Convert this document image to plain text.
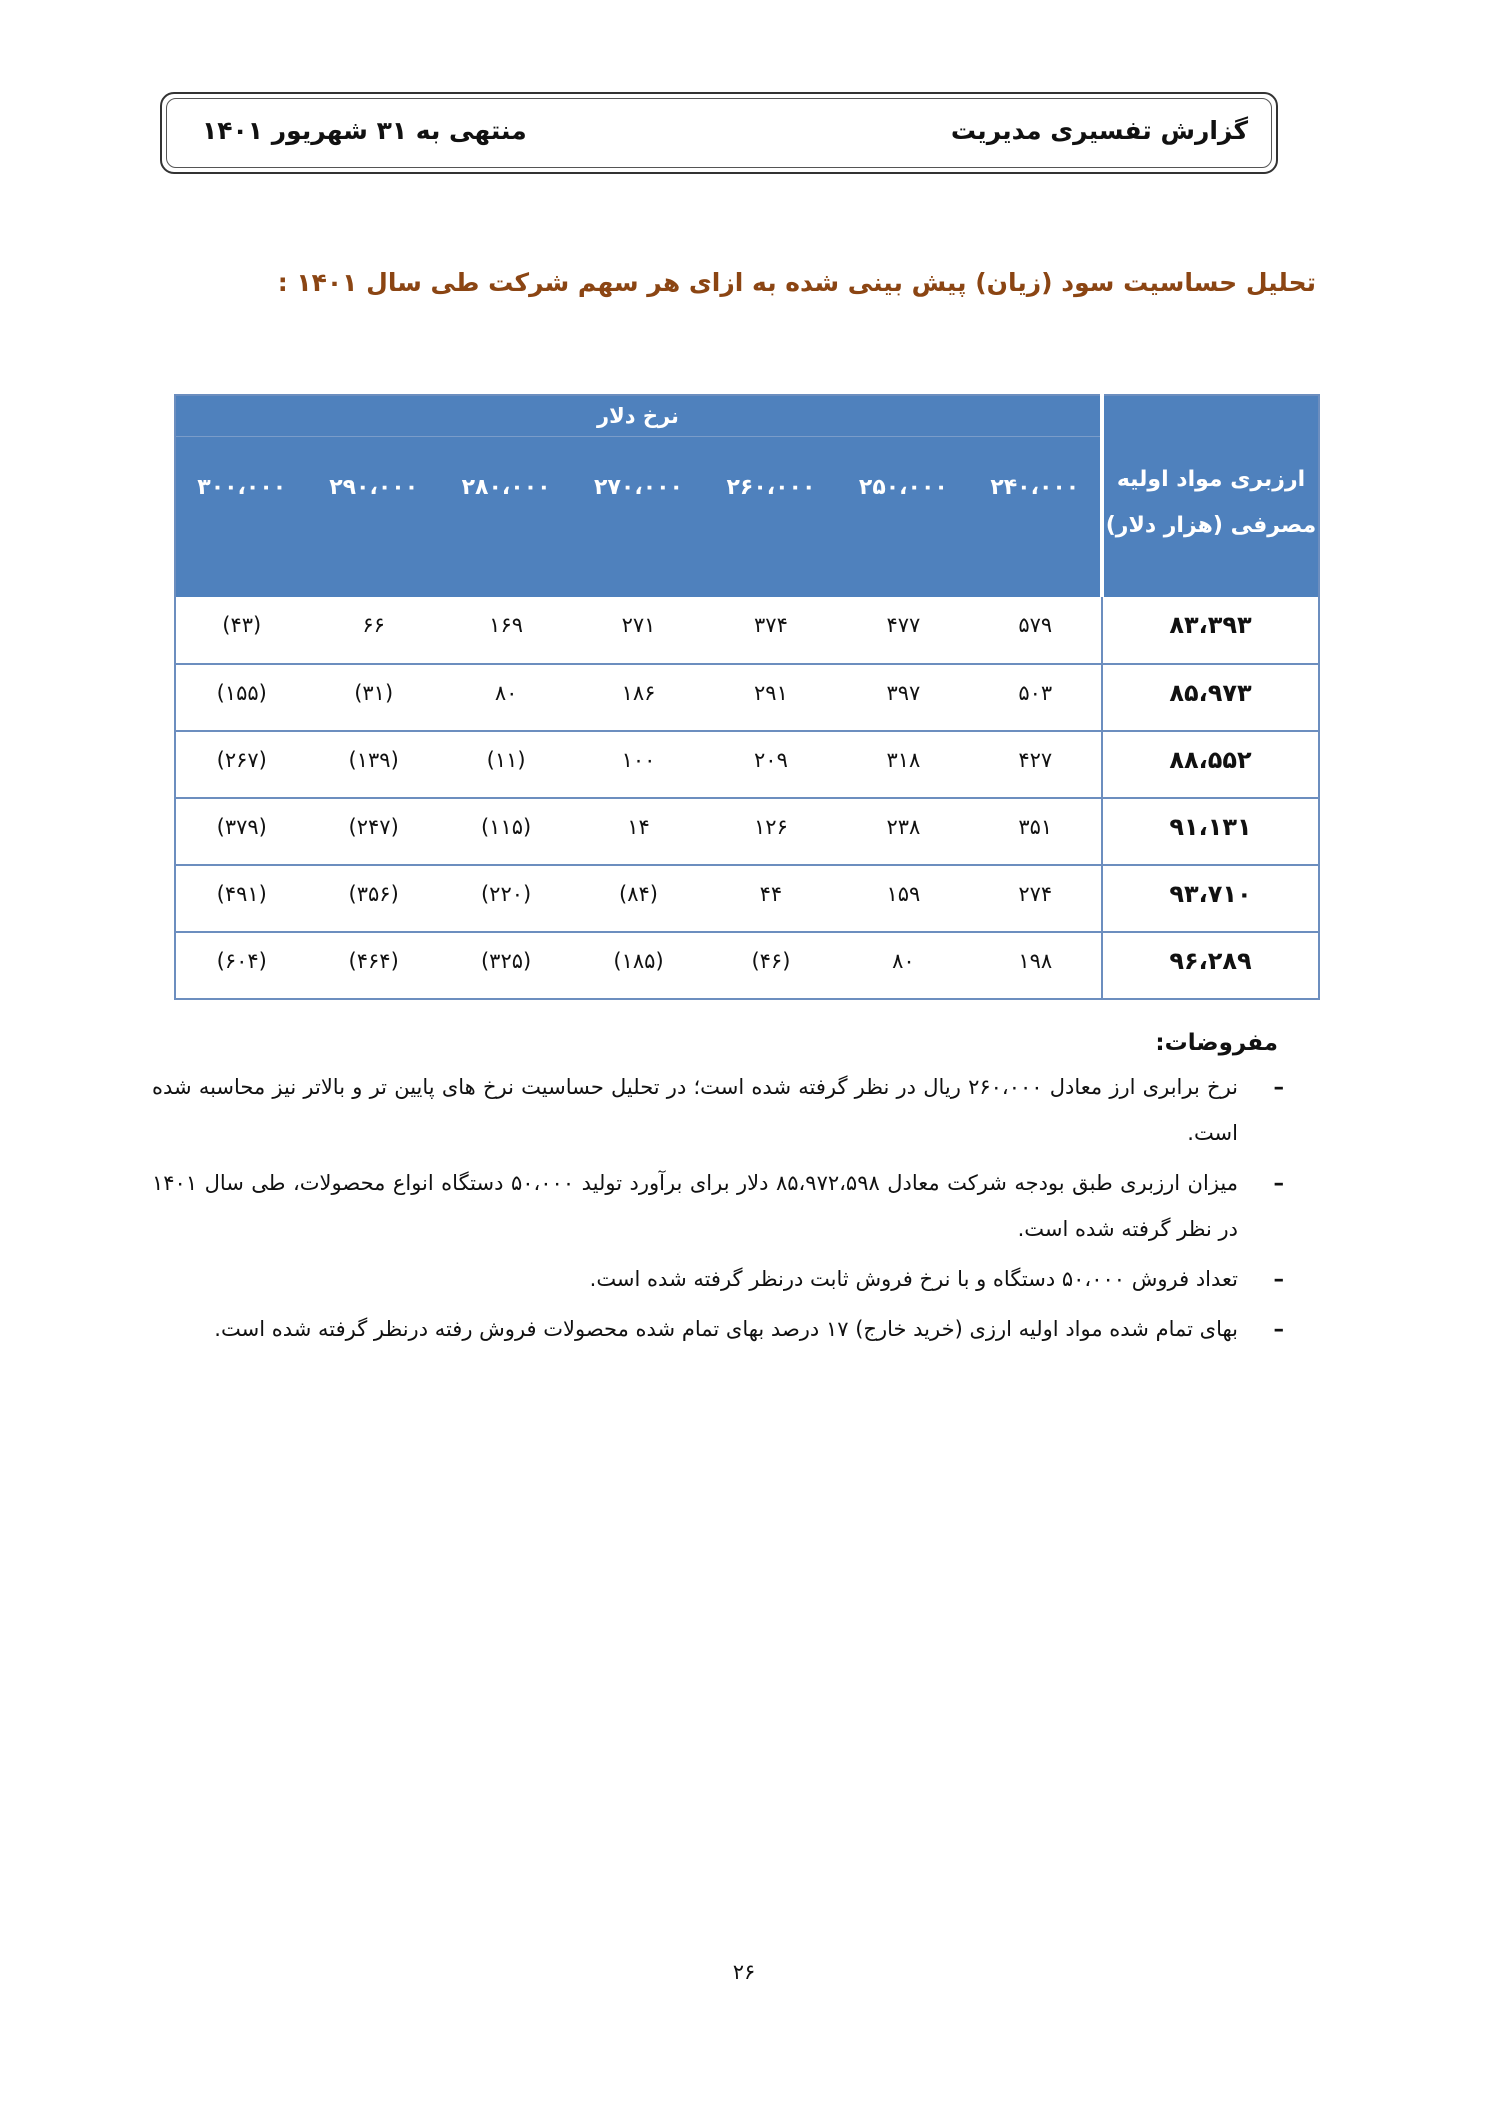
گزارش تفسیری مدیریت
منتهی به ۳۱ شهریور ۱۴۰۱
تحلیل حساسیت سود (زیان) پیش بینی شده به ازای هر سهم شرکت طی سال ۱۴۰۱ :
ارزبری مواد اولیه
مصرفی (هزار دلار)	نرخ دلار						
	۲۴۰،۰۰۰	۲۵۰،۰۰۰	۲۶۰،۰۰۰	۲۷۰،۰۰۰	۲۸۰،۰۰۰	۲۹۰،۰۰۰	۳۰۰،۰۰۰
۸۳،۳۹۳	۵۷۹	۴۷۷	۳۷۴	۲۷۱	۱۶۹	۶۶	(۴۳)
۸۵،۹۷۳	۵۰۳	۳۹۷	۲۹۱	۱۸۶	۸۰	(۳۱)	(۱۵۵)
۸۸،۵۵۲	۴۲۷	۳۱۸	۲۰۹	۱۰۰	(۱۱)	(۱۳۹)	(۲۶۷)
۹۱،۱۳۱	۳۵۱	۲۳۸	۱۲۶	۱۴	(۱۱۵)	(۲۴۷)	(۳۷۹)
۹۳،۷۱۰	۲۷۴	۱۵۹	۴۴	(۸۴)	(۲۲۰)	(۳۵۶)	(۴۹۱)
۹۶،۲۸۹	۱۹۸	۸۰	(۴۶)	(۱۸۵)	(۳۲۵)	(۴۶۴)	(۶۰۴)
مفروضات:
–
نرخ برابری ارز معادل ۲۶۰،۰۰۰ ریال در نظر گرفته شده است؛ در تحلیل حساسیت نرخ های پایین تر و بالاتر نیز محاسبه شده است.
–
میزان ارزبری طبق بودجه شرکت معادل ۸۵،۹۷۲،۵۹۸ دلار برای برآورد تولید ۵۰،۰۰۰ دستگاه انواع محصولات، طی سال ۱۴۰۱ در نظر گرفته شده است.
–
تعداد فروش ۵۰،۰۰۰ دستگاه و با نرخ فروش ثابت درنظر گرفته شده است.
–
بهای تمام شده مواد اولیه ارزی (خرید خارج) ۱۷ درصد بهای تمام شده محصولات فروش رفته درنظر گرفته شده است.
۲۶
